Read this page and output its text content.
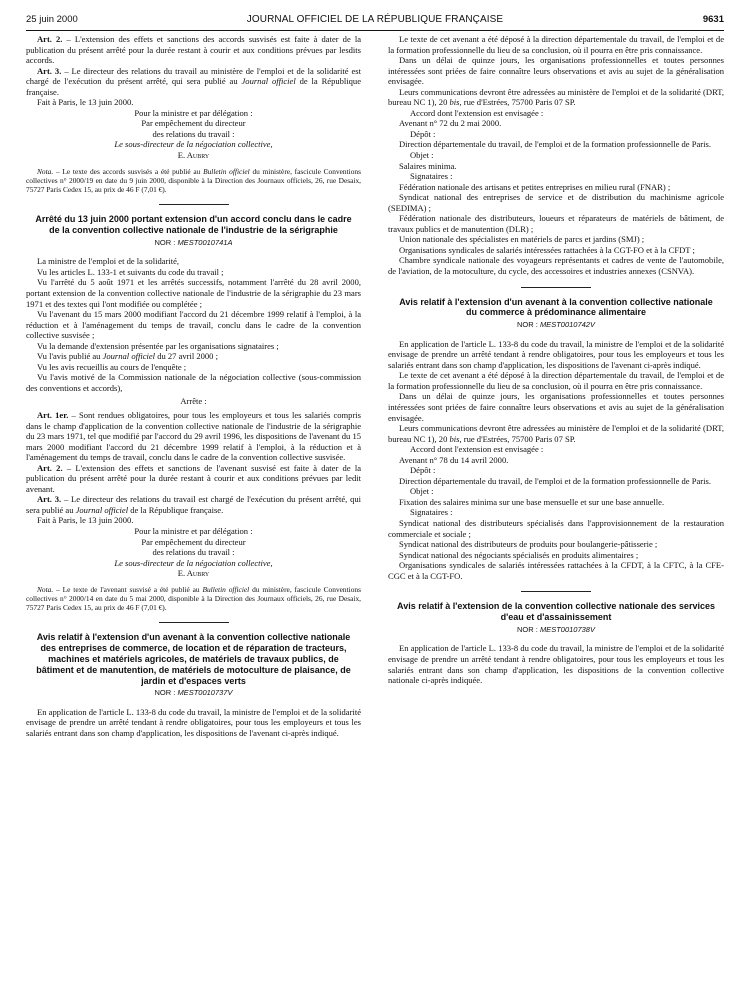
25 juin 2000	JOURNAL OFFICIEL DE LA RÉPUBLIQUE FRANÇAISE	9631

Art. 2. – L'extension des effets et sanctions des accords susvisés est faite à dater de la publication du présent arrêté pour la durée restant à courir et aux conditions prévues par lesdits accords.

Art. 3. – Le directeur des relations du travail au ministère de l'emploi et de la solidarité est chargé de l'exécution du présent arrêté, qui sera publié au Journal officiel de la République française.

Fait à Paris, le 13 juin 2000.

Pour la ministre et par délégation :
Par empêchement du directeur
des relations du travail :
Le sous-directeur de la négociation collective,
E. Aubry

Nota. – Le texte des accords susvisés a été publié au Bulletin officiel du ministère, fascicule Conventions collectives n° 2000/19 en date du 9 juin 2000, disponible à la Direction des Journaux officiels, 26, rue Desaix, 75727 Paris Cedex 15, au prix de 46 F (7,01 €).

Arrêté du 13 juin 2000 portant extension d'un accord conclu dans le cadre de la convention collective nationale de l'industrie de la sérigraphie
NOR : MEST0010741A

La ministre de l'emploi et de la solidarité,

Vu les articles L. 133-1 et suivants du code du travail ;

Vu l'arrêté du 5 août 1971 et les arrêtés successifs, notamment l'arrêté du 28 avril 2000, portant extension de la convention collective nationale de l'industrie de la sérigraphie du 23 mars 1971 et des textes qui l'ont modifiée ou complétée ;

Vu l'avenant du 15 mars 2000 modifiant l'accord du 21 décembre 1999 relatif à l'emploi, à la réduction et à l'aménagement du temps de travail, conclu dans le cadre de la convention collective susvisée ;

Vu la demande d'extension présentée par les organisations signataires ;

Vu l'avis publié au Journal officiel du 27 avril 2000 ;

Vu les avis recueillis au cours de l'enquête ;

Vu l'avis motivé de la Commission nationale de la négociation collective (sous-commission des conventions et accords),

Arrête :

Art. 1er. – Sont rendues obligatoires, pour tous les employeurs et tous les salariés compris dans le champ d'application de la convention collective nationale de l'industrie de la sérigraphie du 23 mars 1971, tel que modifié par l'accord du 29 avril 1996, les dispositions de l'avenant du 15 mars 2000 modifiant l'accord du 21 décembre 1999 relatif à l'emploi, à la réduction et à l'aménagement du temps de travail, conclu dans le cadre de la convention collective susvisée.

Art. 2. – L'extension des effets et sanctions de l'avenant susvisé est faite à dater de la publication du présent arrêté pour la durée restant à courir et aux conditions prévues par ledit avenant.

Art. 3. – Le directeur des relations du travail est chargé de l'exécution du présent arrêté, qui sera publié au Journal officiel de la République française.

Fait à Paris, le 13 juin 2000.

Pour la ministre et par délégation :
Par empêchement du directeur
des relations du travail :
Le sous-directeur de la négociation collective,
E. Aubry

Nota. – Le texte de l'avenant susvisé a été publié au Bulletin officiel du ministère, fascicule Conventions collectives n° 2000/14 en date du 5 mai 2000, disponible à la Direction des Journaux officiels, 26, rue Desaix, 75727 Paris Cedex 15, au prix de 46 F (7,01 €).

Avis relatif à l'extension d'un avenant à la convention collective nationale des entreprises de commerce, de location et de réparation de tracteurs, machines et matériels agricoles, de matériels de travaux publics, de bâtiment et de manutention, de matériels de motoculture de plaisance, de jardin et d'espaces verts
NOR : MEST0010737V

En application de l'article L. 133-8 du code du travail, la ministre de l'emploi et de la solidarité envisage de prendre un arrêté tendant à rendre obligatoires, pour tous les employeurs et tous les salariés entrant dans son champ d'application, les dispositions de l'avenant ci-après indiqué.

Le texte de cet avenant a été déposé à la direction départementale du travail, de l'emploi et de la formation professionnelle du lieu de sa conclusion, où il pourra en être pris connaissance.

Dans un délai de quinze jours, les organisations professionnelles et toutes personnes intéressées sont priées de faire connaître leurs observations et avis au sujet de la généralisation envisagée.

Leurs communications devront être adressées au ministère de l'emploi et de la solidarité (DRT, bureau NC 1), 20 bis, rue d'Estrées, 75700 Paris 07 SP.

Accord dont l'extension est envisagée :

Avenant n° 72 du 2 mai 2000.

Dépôt :

Direction départementale du travail, de l'emploi et de la formation professionnelle de Paris.

Objet :

Salaires minima.

Signataires :

Fédération nationale des artisans et petites entreprises en milieu rural (FNAR) ;

Syndicat national des entreprises de service et de distribution du machinisme agricole (SEDIMA) ;

Fédération nationale des distributeurs, loueurs et réparateurs de matériels de bâtiment, de travaux publics et de manutention (DLR) ;

Union nationale des spécialistes en matériels de parcs et jardins (SMJ) ;

Organisations syndicales de salariés intéressées rattachées à la CGT-FO et à la CFDT ;

Chambre syndicale nationale des voyageurs représentants et cadres de vente de l'automobile, de l'aviation, de la motoculture, du cycle, des accessoires et industries annexes (CSNVA).

Avis relatif à l'extension d'un avenant à la convention collective nationale du commerce à prédominance alimentaire
NOR : MEST0010742V

En application de l'article L. 133-8 du code du travail, la ministre de l'emploi et de la solidarité envisage de prendre un arrêté tendant à rendre obligatoires, pour tous les employeurs et tous les salariés entrant dans son champ d'application, les dispositions de l'avenant ci-après indiqué.

Le texte de cet avenant a été déposé à la direction départementale du travail, de l'emploi et de la formation professionnelle du lieu de sa conclusion, où il pourra en être pris connaissance.

Dans un délai de quinze jours, les organisations professionnelles et toutes personnes intéressées sont priées de faire connaître leurs observations et avis au sujet de la généralisation envisagée.

Leurs communications devront être adressées au ministère de l'emploi et de la solidarité (DRT, bureau NC 1), 20 bis, rue d'Estrées, 75700 Paris 07 SP.

Accord dont l'extension est envisagée :

Avenant n° 78 du 14 avril 2000.

Dépôt :

Direction départementale du travail, de l'emploi et de la formation professionnelle de Paris.

Objet :

Fixation des salaires minima sur une base mensuelle et sur une base annuelle.

Signataires :

Syndicat national des distributeurs spécialisés dans l'approvisionnement de la restauration commerciale et sociale ;

Syndicat national des distributeurs de produits pour boulangerie-pâtisserie ;

Syndicat national des négociants spécialisés en produits alimentaires ;

Organisations syndicales de salariés intéressées rattachées à la CFDT, à la CFTC, à la CFE-CGC et à la CGT-FO.

Avis relatif à l'extension de la convention collective nationale des services d'eau et d'assainissement
NOR : MEST0010738V

En application de l'article L. 133-8 du code du travail, la ministre de l'emploi et de la solidarité envisage de prendre un arrêté tendant à rendre obligatoires, pour tous les employeurs et tous les salariés entrant dans son champ d'application, les dispositions de la convention collective nationale ci-après indiquée.
